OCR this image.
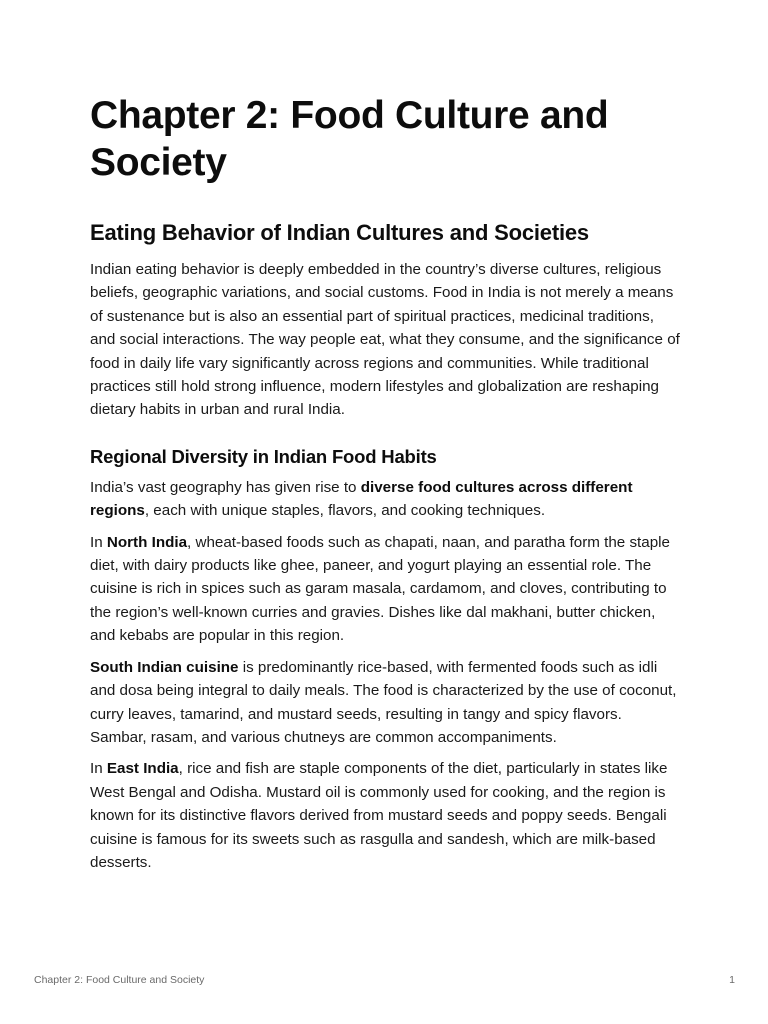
Chapter 2: Food Culture and Society
Eating Behavior of Indian Cultures and Societies

Indian eating behavior is deeply embedded in the country’s diverse cultures, religious beliefs, geographic variations, and social customs. Food in India is not merely a means of sustenance but is also an essential part of spiritual practices, medicinal traditions, and social interactions. The way people eat, what they consume, and the significance of food in daily life vary significantly across regions and communities. While traditional practices still hold strong influence, modern lifestyles and globalization are reshaping dietary habits in urban and rural India.

Regional Diversity in Indian Food Habits

India’s vast geography has given rise to diverse food cultures across different regions, each with unique staples, flavors, and cooking techniques.

In North India, wheat-based foods such as chapati, naan, and paratha form the staple diet, with dairy products like ghee, paneer, and yogurt playing an essential role. The cuisine is rich in spices such as garam masala, cardamom, and cloves, contributing to the region’s well-known curries and gravies. Dishes like dal makhani, butter chicken, and kebabs are popular in this region.

South Indian cuisine is predominantly rice-based, with fermented foods such as idli and dosa being integral to daily meals. The food is characterized by the use of coconut, curry leaves, tamarind, and mustard seeds, resulting in tangy and spicy flavors. Sambar, rasam, and various chutneys are common accompaniments.

In East India, rice and fish are staple components of the diet, particularly in states like West Bengal and Odisha. Mustard oil is commonly used for cooking, and the region is known for its distinctive flavors derived from mustard seeds and poppy seeds. Bengali cuisine is famous for its sweets such as rasgulla and sandesh, which are milk-based desserts.

Chapter 2: Food Culture and Society	1
